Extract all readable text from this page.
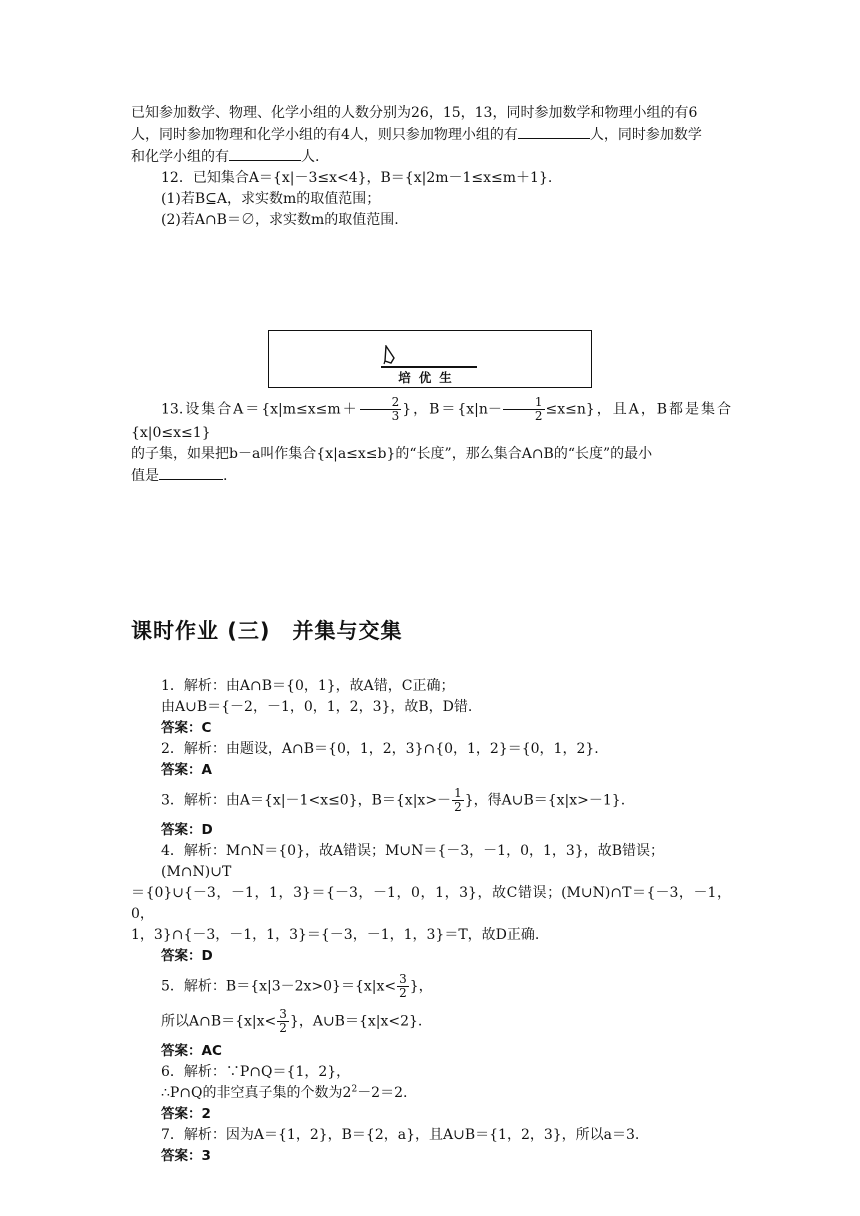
已知参加数学、物理、化学小组的人数分别为26，15，13，同时参加数学和物理小组的有6

人，同时参加物理和化学小组的有4人，则只参加物理小组的有	人，同时参加数学

和化学小组的有	人.

12．已知集合A＝{x|－3≤x<4}，B＝{x|2m－1≤x≤m＋1}.

(1)若B⊆A，求实数m的取值范围；

(2)若A∩B＝∅，求实数m的取值范围.

培优生

13.设集合$A=\{x|m\le x\le m+ \frac{2}{3}$ }，$B=\{x|n- \frac{1}{2} \le x\le n\}$，且A，B都是集合{x|0≤x≤1}

的子集，如果把b－a叫作集合{x|a≤x≤b}的“长度”，那么集合A∩B的“长度”的最小

值是	.

课时作业 (三)　并集与交集

1．解析：由A∩B＝{0，1}，故A错，C正确；

由A∪B＝{－2，－1，0，1，2，3}，故B，D错.

答案：C

2．解析：由题设，A∩B＝{0，1，2，3}∩{0，1，2}＝{0，1，2}.

答案：A

3．解析：由A＝{x|－1<x≤0}，$B=\{x|x>- \frac{1}{2}$ }，得A∪B＝{x|x>－1}.

答案：D

4．解析：M∩N＝{0}，故A错误；M∪N＝{－3，－1，0，1，3}，故B错误；(M∩N)∪T

＝{0}∪{－3，－1，1，3}＝{－3，－1，0，1，3}，故C错误；(M∪N)∩T＝{－3，－1，0，

1，3}∩{－3，－1，1，3}＝{－3，－1，1，3}＝T，故D正确.

答案：D

5．解析：$B=\{x|3-2x>0\}=\{x|x< \frac{3}{2}$ }，

所以A∩B＝{x|x< $\frac{3}{2}$ }，A∪B＝{x|x<2}.

答案：AC

6．解析：∵P∩Q＝{1，2}，

∴P∩Q的非空真子集的个数为$2^2-2=2$.

答案：2

7．解析：因为A＝{1，2}，B＝{2，a}，且A∪B＝{1，2，3}，所以a＝3.

答案：3
